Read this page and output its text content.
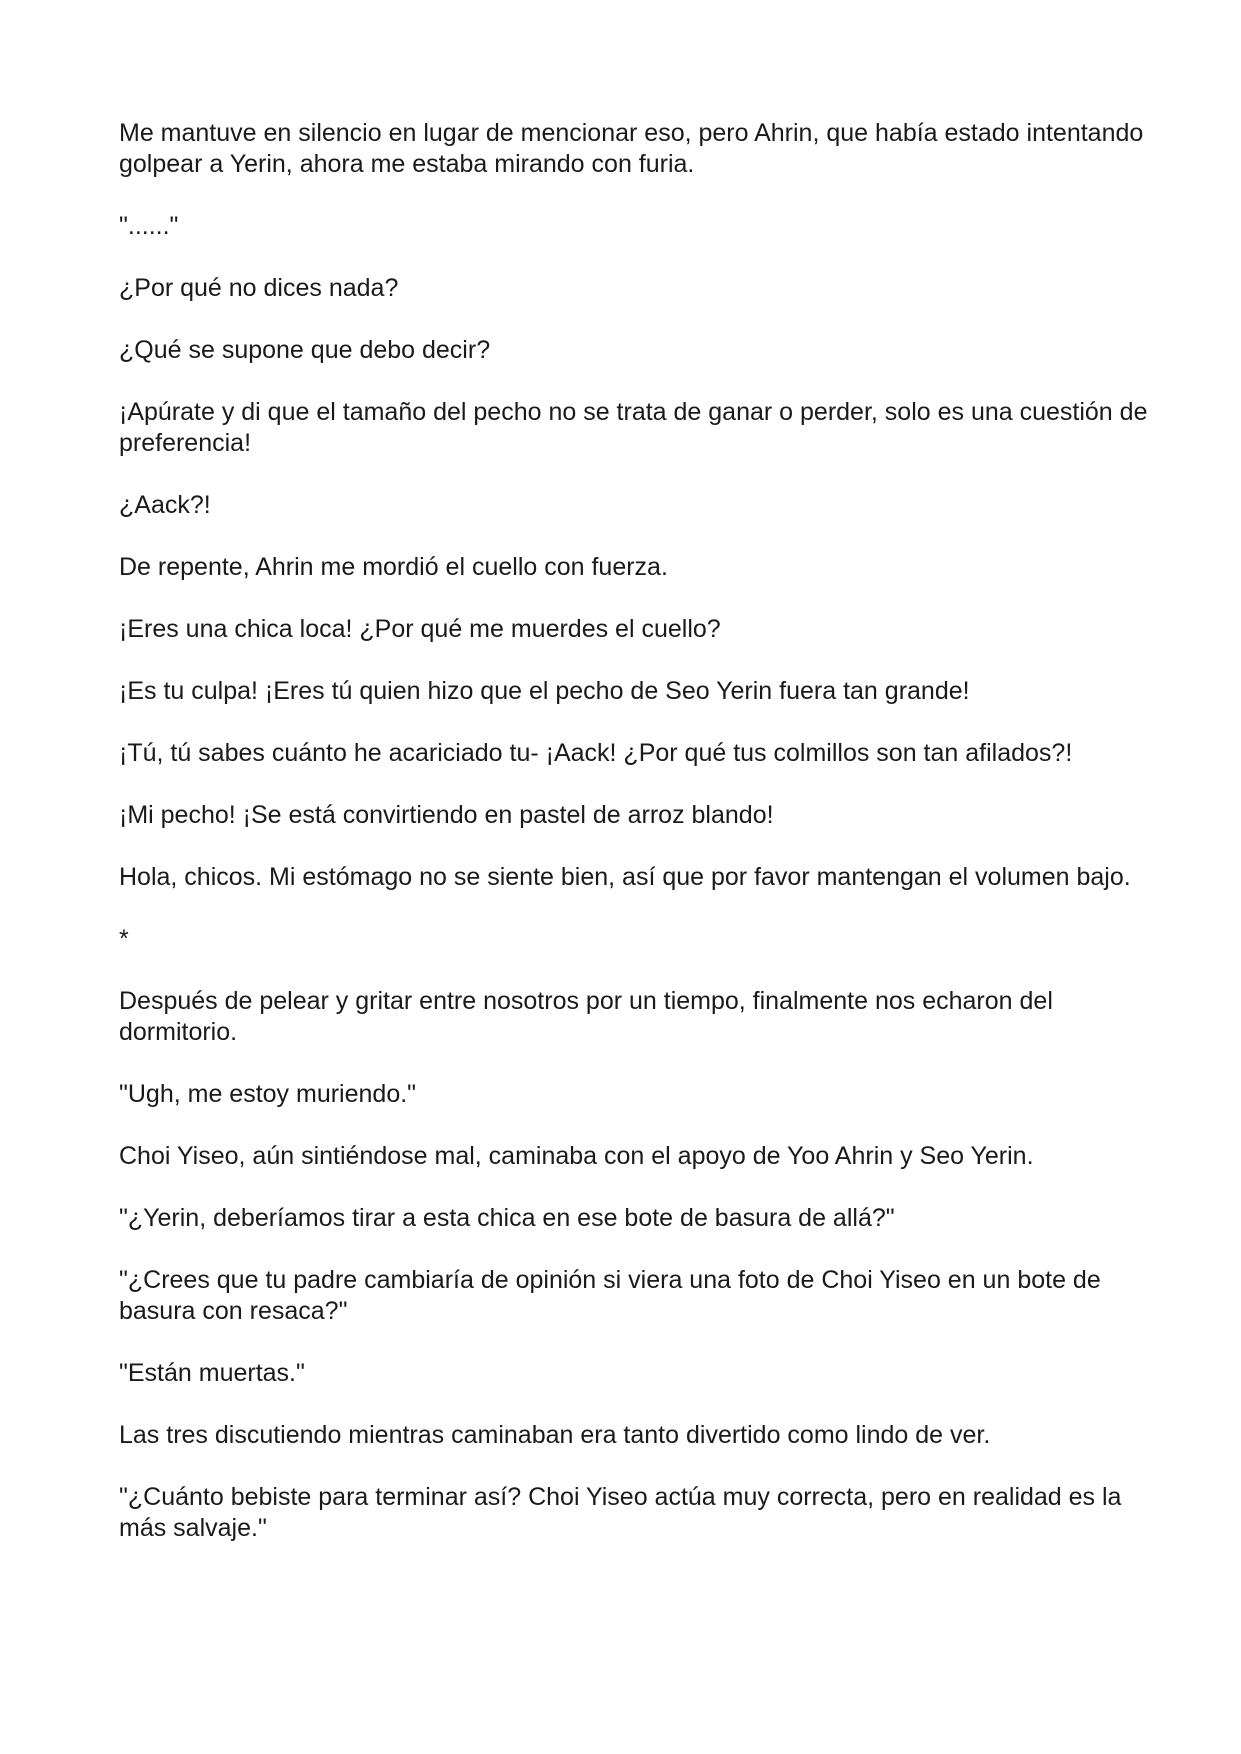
Me mantuve en silencio en lugar de mencionar eso, pero Ahrin, que había estado intentando golpear a Yerin, ahora me estaba mirando con furia.

"......"

¿Por qué no dices nada?

¿Qué se supone que debo decir?

¡Apúrate y di que el tamaño del pecho no se trata de ganar o perder, solo es una cuestión de preferencia!

¿Aack?!

De repente, Ahrin me mordió el cuello con fuerza.

¡Eres una chica loca! ¿Por qué me muerdes el cuello?

¡Es tu culpa! ¡Eres tú quien hizo que el pecho de Seo Yerin fuera tan grande!

¡Tú, tú sabes cuánto he acariciado tu- ¡Aack! ¿Por qué tus colmillos son tan afilados?!

¡Mi pecho! ¡Se está convirtiendo en pastel de arroz blando!

Hola, chicos. Mi estómago no se siente bien, así que por favor mantengan el volumen bajo.

*

Después de pelear y gritar entre nosotros por un tiempo, finalmente nos echaron del dormitorio.

"Ugh, me estoy muriendo."

Choi Yiseo, aún sintiéndose mal, caminaba con el apoyo de Yoo Ahrin y Seo Yerin.

"¿Yerin, deberíamos tirar a esta chica en ese bote de basura de allá?"

"¿Crees que tu padre cambiaría de opinión si viera una foto de Choi Yiseo en un bote de basura con resaca?"

"Están muertas."

Las tres discutiendo mientras caminaban era tanto divertido como lindo de ver.

"¿Cuánto bebiste para terminar así? Choi Yiseo actúa muy correcta, pero en realidad es la más salvaje."
